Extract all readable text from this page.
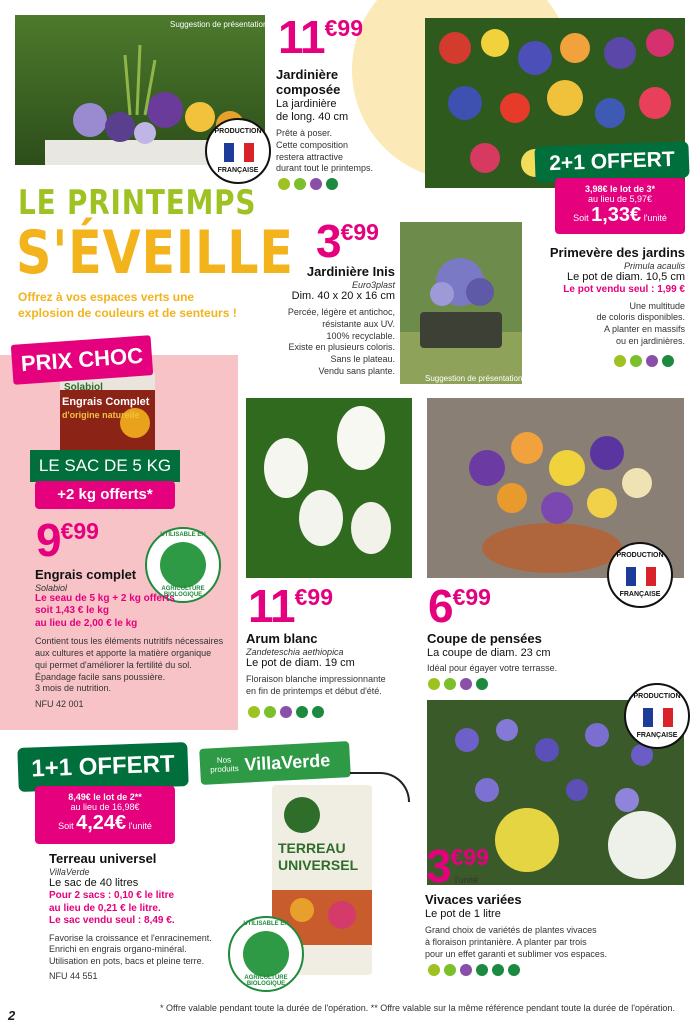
Suggestion de présentation
PRODUCTION
FRANÇAISE
11€99
Jardinière composée
La jardinière
de long. 40 cm
Prête à poser.
Cette composition
restera attractive
durant tout le printemps.	2+1 OFFERT
3,98€ le lot de 3*
au lieu de 5,97€
Soit 1,33€ l'unité
Primevère des jardins
Primula acaulis
Le pot de diam. 10,5 cm
Le pot vendu seul : 1,99 €
Une multitude
de coloris disponibles.
A planter en massifs
ou en jardinières.
LE PRINTEMPS
S'ÉVEILLE
Offrez à vos espaces verts une explosion de couleurs et de senteurs !
3€99
Jardinière Inis
Euro3plast
Dim. 40 x 20 x 16 cm
Percée, légère et antichoc,
résistante aux UV.
100% recyclable.
Existe en plusieurs coloris.
Sans le plateau.
Vendu sans plante.
Suggestion de présentation
Solabiol
Engrais Complet
d'origine naturelle
PRIX CHOC
LE SAC DE 5 KG
+2 kg offerts*
UTILISABLE EN
AGRICULTURE BIOLOGIQUE
9€99
Engrais complet
Solabiol
Le seau de 5 kg + 2 kg offerts
soit 1,43 € le kg
au lieu de 2,00 € le kg
Contient tous les éléments nutritifs nécessaires
aux cultures et apporte la matière organique
qui permet d'améliorer la fertilité du sol.
Épandage facile sans poussière.
3 mois de nutrition.
NFU 42 001
11€99
Arum blanc
Zandeteschia aethiopica
Le pot de diam. 19 cm
Floraison blanche impressionnante
en fin de printemps et début d'été.
PRODUCTION
FRANÇAISE
6€99
Coupe de pensées
La coupe de diam. 23 cm
Idéal pour égayer votre terrasse.
1+1 OFFERT
8,49€ le lot de 2**
au lieu de 16,98€
Soit 4,24€ l'unité
Nos
produits VillaVerde
TERREAU
UNIVERSEL
UTILISABLE EN
AGRICULTURE BIOLOGIQUE
Terreau universel
VillaVerde
Le sac de 40 litres
Pour 2 sacs : 0,10 € le litre
au lieu de 0,21 € le litre.
Le sac vendu seul : 8,49 €.
Favorise la croissance et l'enracinement.
Enrichi en engrais organo-minéral.
Utilisation en pots, bacs et pleine terre.
NFU 44 551
PRODUCTION
FRANÇAISE
3€99
l'unité
Vivaces variées
Le pot de 1 litre
Grand choix de variétés de plantes vivaces
à floraison printanière. A planter par trois
pour un effet garanti et sublimer vos espaces.
2	* Offre valable pendant toute la durée de l'opération. ** Offre valable sur la même référence pendant toute la durée de l'opération.
